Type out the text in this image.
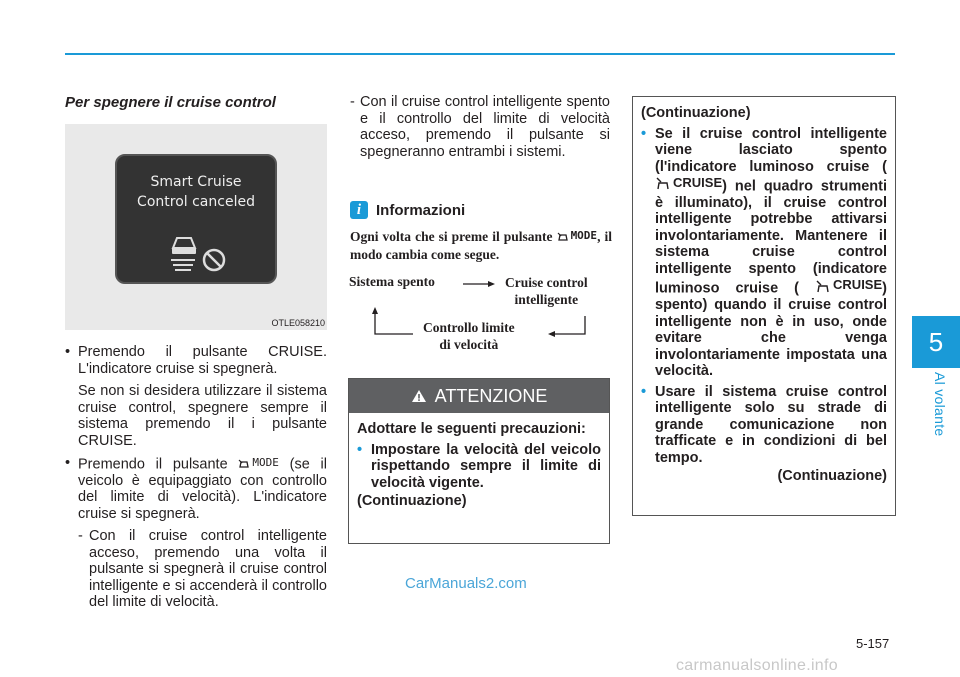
5
Al volante
Per spegnere il cruise control
Smart Cruise
Control canceled
OTLE058210

• Premendo il pulsante CRUISE. L'indicatore cruise si spegnerà.

Se non si desidera utilizzare il sistema cruise control, spegnere sempre il sistema premendo il i pulsante CRUISE.

• Premendo il pulsante MODE (se il veicolo è equipaggiato con controllo del limite di velocità). L'indicatore cruise si spegnerà.

- Con il cruise control intelligente acceso, premendo una volta il pulsante si spegnerà il cruise control intelligente e si accenderà il controllo del limite di velocità.

- Con il cruise control intelligente spento e il controllo del limite di velocità acceso, premendo il pulsante si spegneranno entrambi i sistemi.

i Informazioni

Ogni volta che si preme il pulsante MODE , il modo cambia come segue.

Sistema spento	Cruise control
intelligente
Controllo limite
di velocità
ATTENZIONE

Adottare le seguenti precauzioni:

• Impostare la velocità del veicolo rispettando sempre il limite di velocità vigente.

(Continuazione)

CarManuals2.com

(Continuazione)

• Se il cruise control intelligente viene lasciato spento (l'indicatore luminoso cruise (
CRUISE ) nel quadro strumenti è illuminato), il cruise control intelligente potrebbe attivarsi involontariamente. Mantenere il sistema cruise control intelligente spento (indicatore luminoso cruise (	CRUISE ) spento) quando il cruise control intelligente non è in uso, onde evitare che venga involontariamente impostata una velocità.

• Usare il sistema cruise control intelligente solo su strade di grande comunicazione non trafficate e in condizioni di bel tempo.

(Continuazione)

5-157
carmanualsonline.info
